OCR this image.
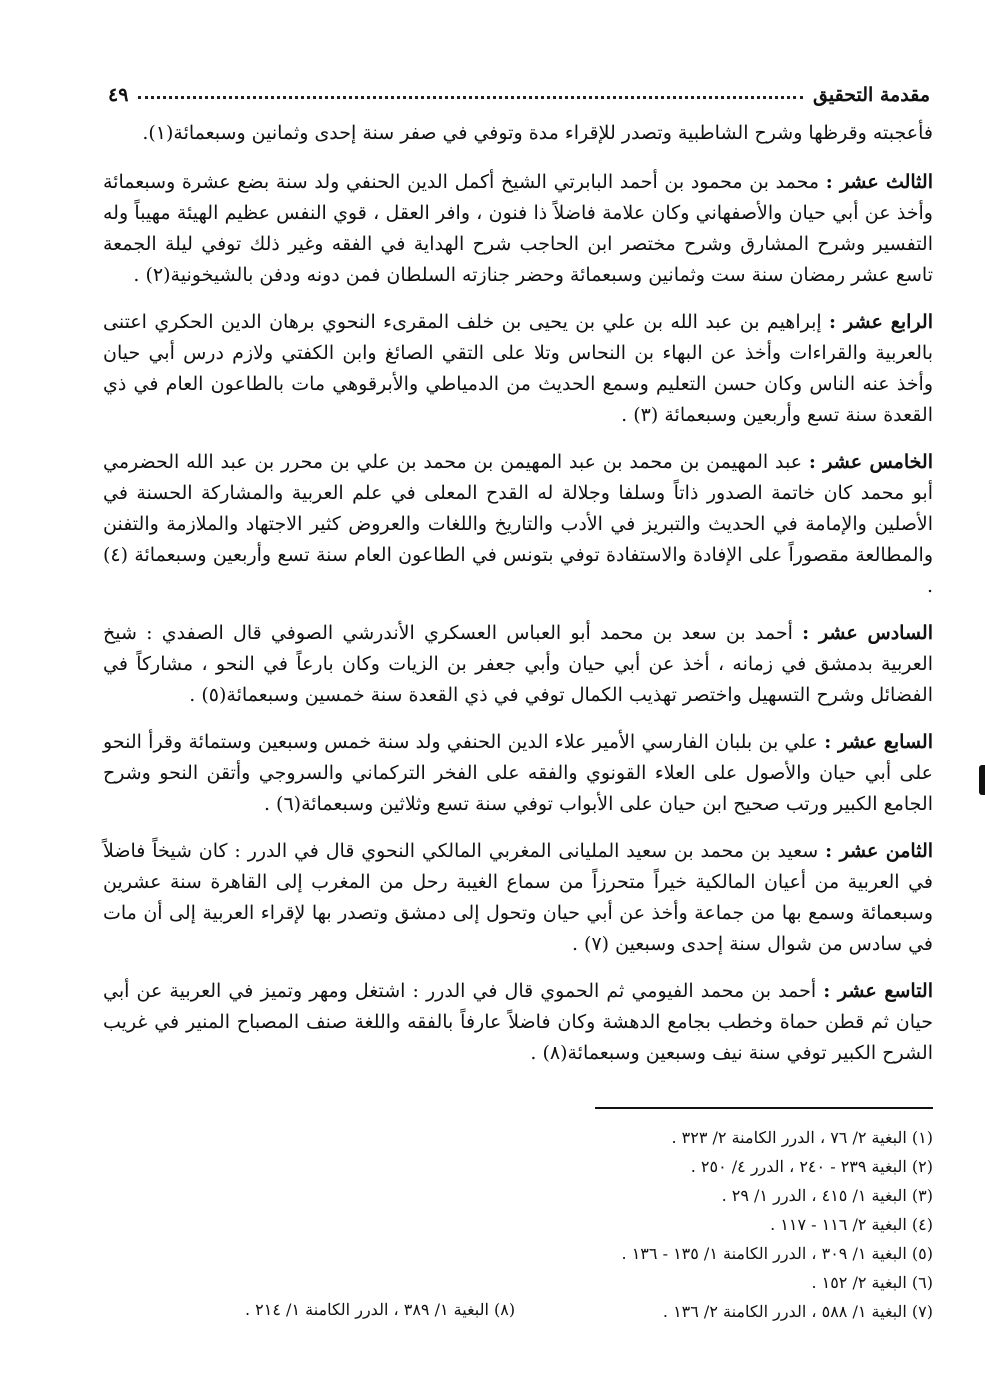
مقدمة التحقيق
٤٩

فأعجبته وقرظها وشرح الشاطبية وتصدر للإقراء مدة وتوفي في صفر سنة إحدى وثمانين وسبعمائة(١).

الثالث عشر : محمد بن محمود بن أحمد البابرتي الشيخ أكمل الدين الحنفي ولد سنة بضع عشرة وسبعمائة وأخذ عن أبي حيان والأصفهاني وكان علامة فاضلاً ذا فنون ، وافر العقل ، قوي النفس عظيم الهيئة مهيباً وله التفسير وشرح المشارق وشرح مختصر ابن الحاجب شرح الهداية في الفقه وغير ذلك توفي ليلة الجمعة تاسع عشر رمضان سنة ست وثمانين وسبعمائة وحضر جنازته السلطان فمن دونه ودفن بالشيخونية(٢) .

الرابع عشر : إبراهيم بن عبد الله بن علي بن يحيى بن خلف المقرىء النحوي برهان الدين الحكري اعتنى بالعربية والقراءات وأخذ عن البهاء بن النحاس وتلا على التقي الصائغ وابن الكفتي ولازم درس أبي حيان وأخذ عنه الناس وكان حسن التعليم وسمع الحديث من الدمياطي والأبرقوهي مات بالطاعون العام في ذي القعدة سنة تسع وأربعين وسبعمائة (٣) .

الخامس عشر : عبد المهيمن بن محمد بن عبد المهيمن بن محمد بن علي بن محرر بن عبد الله الحضرمي أبو محمد كان خاتمة الصدور ذاتاً وسلفا وجلالة له القدح المعلى في علم العربية والمشاركة الحسنة في الأصلين والإمامة في الحديث والتبريز في الأدب والتاريخ واللغات والعروض كثير الاجتهاد والملازمة والتفنن والمطالعة مقصوراً على الإفادة والاستفادة توفي بتونس في الطاعون العام سنة تسع وأربعين وسبعمائة (٤) .

السادس عشر : أحمد بن سعد بن محمد أبو العباس العسكري الأندرشي الصوفي قال الصفدي : شيخ العربية بدمشق في زمانه ، أخذ عن أبي حيان وأبي جعفر بن الزيات وكان بارعاً في النحو ، مشاركاً في الفضائل وشرح التسهيل واختصر تهذيب الكمال توفي في ذي القعدة سنة خمسين وسبعمائة(٥) .

السابع عشر : علي بن بلبان الفارسي الأمير علاء الدين الحنفي ولد سنة خمس وسبعين وستمائة وقرأ النحو على أبي حيان والأصول على العلاء القونوي والفقه على الفخر التركماني والسروجي وأتقن النحو وشرح الجامع الكبير ورتب صحيح ابن حيان على الأبواب توفي سنة تسع وثلاثين وسبعمائة(٦) .

الثامن عشر : سعيد بن محمد بن سعيد المليانى المغربي المالكي النحوي قال في الدرر : كان شيخاً فاضلاً في العربية من أعيان المالكية خيراً متحرزاً من سماع الغيبة رحل من المغرب إلى القاهرة سنة عشرين وسبعمائة وسمع بها من جماعة وأخذ عن أبي حيان وتحول إلى دمشق وتصدر بها لإقراء العربية إلى أن مات في سادس من شوال سنة إحدى وسبعين (٧) .

التاسع عشر : أحمد بن محمد الفيومي ثم الحموي قال في الدرر : اشتغل ومهر وتميز في العربية عن أبي حيان ثم قطن حماة وخطب بجامع الدهشة وكان فاضلاً عارفاً بالفقه واللغة صنف المصباح المنير في غريب الشرح الكبير توفي سنة نيف وسبعين وسبعمائة(٨) .

(١) البغية ٢/ ٧٦ ، الدرر الكامنة ٢/ ٣٢٣ .
(٢) البغية ٢٣٩ - ٢٤٠ ، الدرر ٤/ ٢٥٠ .
(٣) البغية ١/ ٤١٥ ، الدرر ١/ ٢٩ .
(٤) البغية ٢/ ١١٦ - ١١٧ .
(٥) البغية ١/ ٣٠٩ ، الدرر الكامنة ١/ ١٣٥ - ١٣٦ .
(٦) البغية ٢/ ١٥٢ .
(٧) البغية ١/ ٥٨٨ ، الدرر الكامنة ٢/ ١٣٦ .
(٨) البغية ١/ ٣٨٩ ، الدرر الكامنة ١/ ٢١٤ .
